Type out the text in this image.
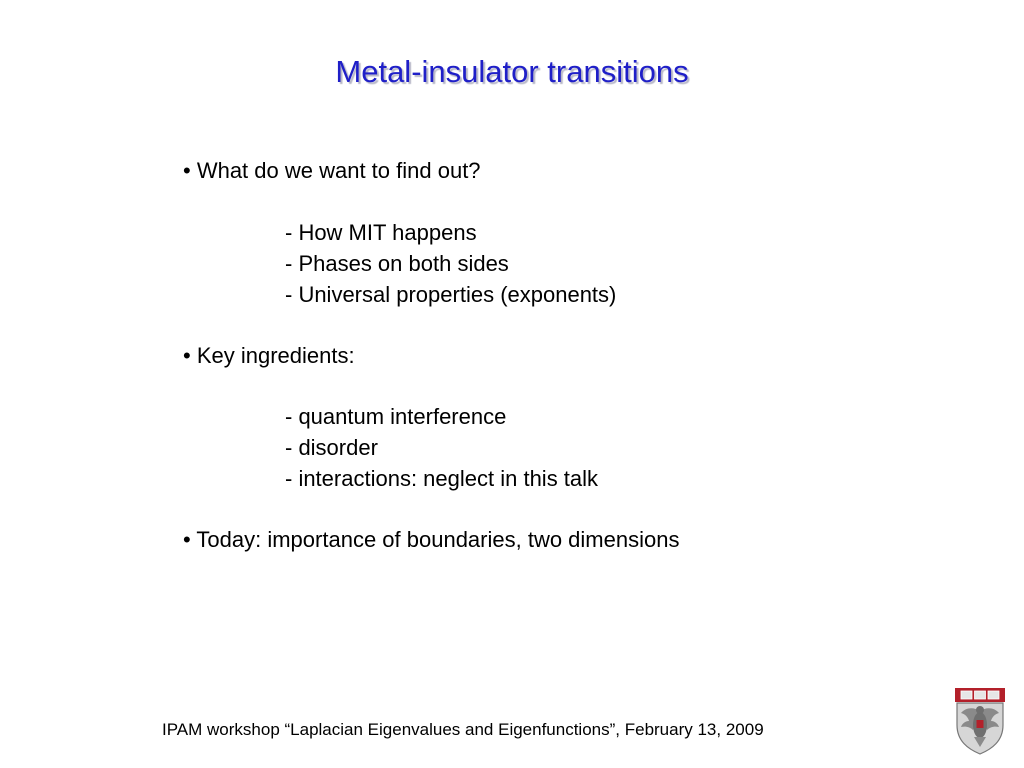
Metal-insulator transitions
• What do we want to find out?
- How MIT happens
- Phases on both sides
- Universal properties (exponents)
• Key ingredients:
- quantum interference
- disorder
- interactions: neglect in this talk
• Today: importance of boundaries, two dimensions
IPAM workshop “Laplacian Eigenvalues and Eigenfunctions”, February 13, 2009
